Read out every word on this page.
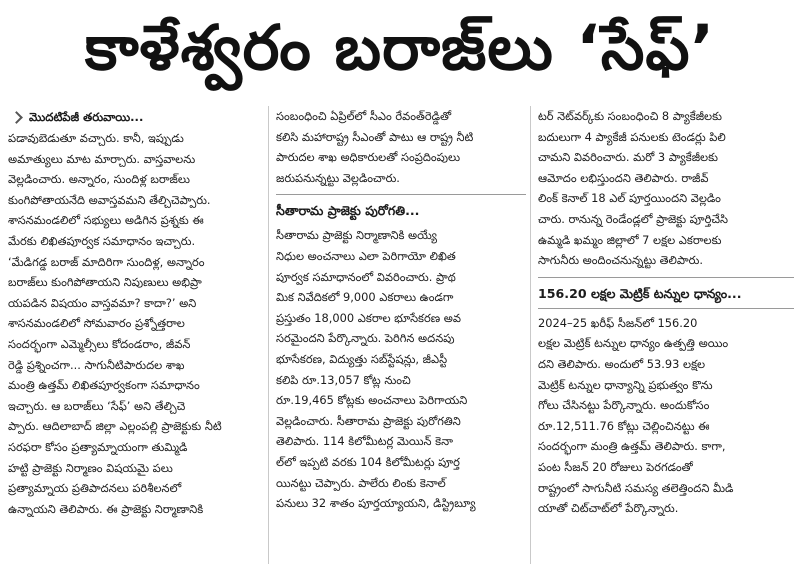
కాళేశ్వరం బరాజ్‌లు ‘సేఫ్‌’
మొదటిపేజీ తరువాయి...

పడావుబెడుతూ వచ్చారు. కానీ, ఇప్పుడు

అమాత్యులు మాట మార్చారు. వాస్తవాలను

వెల్లడించారు. అన్నారం, సుందిళ్ల బరాజ్‌లు

కుంగిపోతాయనేది అవాస్తవమని తేల్చిచెప్పారు.

శాసనమండలిలో సభ్యులు అడిగిన ప్రశ్నకు ఈ

మేరకు లిఖితపూర్వక సమాధానం ఇచ్చారు.

‘మేడిగడ్డ బరాజ్‌ మాదిరిగా సుందిళ్ల, అన్నారం

బరాజ్‌లు కుంగిపోతాయని నిపుణులు అభిప్రా

యపడిన విషయం వాస్తవమా? కాదా?’ అని

శాసనమండలిలో సోమవారం ప్రశ్నోత్తరాల

సందర్భంగా ఎమ్మెల్సీలు కోదండరాం, జీవన్‌

రెడ్డి ప్రశ్నించగా... సాగునీటిపారుదల శాఖ

మంత్రి ఉత్తమ్‌ లిఖితపూర్వకంగా సమాధానం

ఇచ్చారు. ఆ బరాజ్‌లు ‘సేఫ్‌’ అని తేల్చిచె

ప్పారు. ఆదిలాబాద్‌ జిల్లా ఎల్లంపల్లి ప్రాజెక్టుకు నీటి

సరఫరా కోసం ప్రత్యామ్నాయంగా తుమ్మిడి

హట్టి ప్రాజెక్టు నిర్మాణం విషయమై పలు

ప్రత్యామ్నాయ ప్రతిపాదనలు పరిశీలనలో

ఉన్నాయని తెలిపారు. ఈ ప్రాజెక్టు నిర్మాణానికి

సంబంధించి ఏప్రిల్‌లో సీఎం రేవంత్‌రెడ్డితో

కలిసి మహారాష్ట్ర సీఎంతో పాటు ఆ రాష్ట్ర నీటి

పారుదల శాఖ అధికారులతో సంప్రదింపులు

జరుపనున్నట్టు వెల్లడించారు.

సీతారామ ప్రాజెక్టు పురోగతి...

సీతారామ ప్రాజెక్టు నిర్మాణానికి అయ్యే

నిధుల అంచనాలు ఎలా పెరిగాయో లిఖిత

పూర్వక సమాధానంలో వివరించారు. ప్రాథ

మిక నివేదికలో 9,000 ఎకరాలు ఉండగా

ప్రస్తుతం 18,000 ఎకరాల భూసేకరణ అవ

సరమైందని పేర్కొన్నారు. పెరిగిన అదనపు

భూసేకరణ, విద్యుత్తు సబ్‌స్టేషన్లు, జీఎస్టీ

కలిపి రూ.13,057 కోట్ల నుంచి

రూ.19,465 కోట్లకు అంచనాలు పెరిగాయని

వెల్లడించారు. సీతారామ ప్రాజెక్టు పురోగతిని

తెలిపారు. 114 కిలోమీటర్ల మెయిన్‌ కెనా

ల్‌లో ఇప్పటి వరకు 104 కిలోమీటర్లు పూర్త

యినట్టు చెప్పారు. పాలేరు లింకు కెనాల్‌

పనులు 32 శాతం పూర్తయ్యాయని, డిస్ట్రిబ్యూ

టర్‌ నెట్‌వర్క్‌కు సంబంధించి 8 ప్యాకేజీలకు

బదులుగా 4 ప్యాకేజీ పనులకు టెండర్లు పిలి

చామని వివరించారు. మరో 3 ప్యాకేజీలకు

ఆమోదం లభిస్తుందని తెలిపారు. రాజీవ్‌

లింక్‌ కెనాల్‌ 18 ఎల్‌ పూర్తయిందని వెల్లడిం

చారు. రానున్న రెండేండ్లలో ప్రాజెక్టు పూర్తిచేసి

ఉమ్మడి ఖమ్మం జిల్లాలో 7 లక్షల ఎకరాలకు

సాగునీరు అందించనున్నట్టు తెలిపారు.

156.20 లక్షల మెట్రిక్‌ టన్నుల ధాన్యం...

2024–25 ఖరీఫ్‌ సీజన్‌లో 156.20

లక్షల మెట్రిక్‌ టన్నుల ధాన్యం ఉత్పత్తి అయిం

దని తెలిపారు. అందులో 53.93 లక్షల

మెట్రిక్‌ టన్నుల ధాన్యాన్ని ప్రభుత్వం కొను

గోలు చేసినట్టు పేర్కొన్నారు. అందుకోసం

రూ.12,511.76 కోట్లు చెల్లించినట్టు ఈ

సందర్భంగా మంత్రి ఉత్తమ్‌ తెలిపారు. కాగా,

పంట సీజన్‌ 20 రోజులు పెరగడంతో

రాష్ట్రంలో సాగునీటి సమస్య తలెత్తిందని మీడి

యాతో చిట్‌చాట్‌లో పేర్కొన్నారు.
